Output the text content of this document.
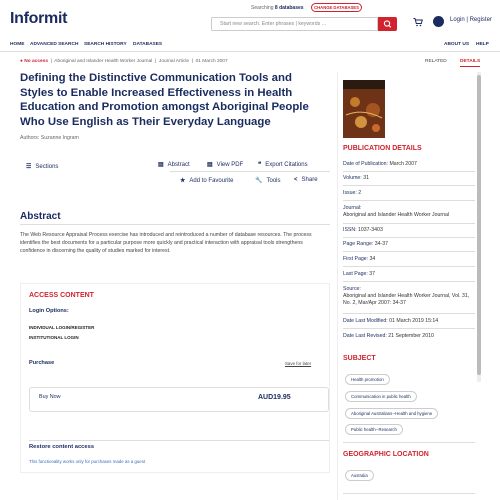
Informit
Searching 8 databases	CHANGE DATABASES
Start new search. Enter phrases | keywords ...
Login | Register
HOME ADVANCED SEARCH SEARCH HISTORY DATABASES	ABOUT US HELP
● No access  |  Aboriginal and Islander Health Worker Journal  |  Journal Article  |  01 March 2007
Defining the Distinctive Communication Tools and Styles to Enable Increased Effectiveness in Health Education and Promotion amongst Aboriginal People Who Use English as Their Everyday Language
Authors: Suzanne Ingram
☰ Sections	▤ Abstract	▤ View PDF ❝ Export Citations
★ Add to Favourite	🔧 Tools < Share
Abstract
The Web Resource Appraisal Process exercise has introduced and reintroduced a number of database resources. The process identifies the best documents for a particular purpose more quickly and practical interaction with appraisal tools strengthens confidence in discerning the quality of studies marked for interest.
ACCESS CONTENT
Login Options:
INDIVIDUAL LOGIN/REGISTER
INSTITUTIONAL LOGIN
Purchase	Save for later
Buy Now	AUD19.95
Restore content access
This functionality works only for purchases made as a guest
RELATED	DETAILS
PUBLICATION DETAILS
Date of Publication: March 2007
Volume: 31
Issue: 2
Journal:
Aboriginal and Islander Health Worker Journal
ISSN: 1037-3403
Page Range: 34-37
First Page: 34
Last Page: 37
Source:
Aboriginal and Islander Health Worker Journal, Vol. 31, No. 2, Mar/Apr 2007: 34-37
Date Last Modified: 01 March 2019 15:14
Date Last Revised: 21 September 2010
SUBJECT
Health promotion
Communication in public health
Aboriginal Australians--Health and hygiene
Public health--Research
GEOGRAPHIC LOCATION
Australia
